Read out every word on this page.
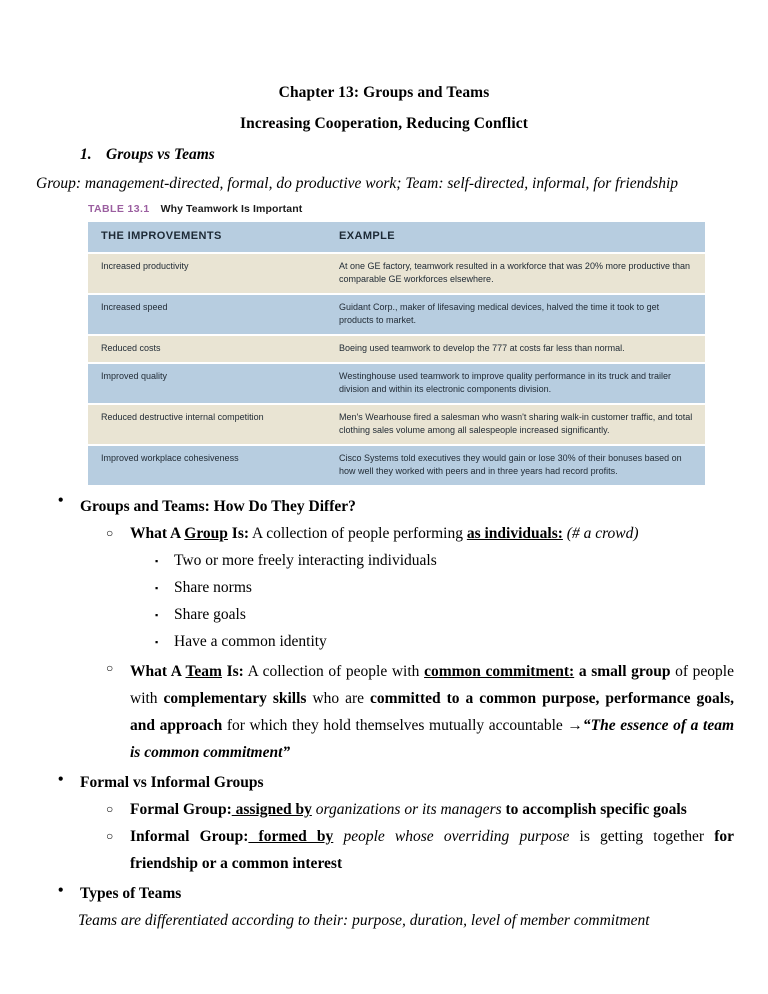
Chapter 13: Groups and Teams
Increasing Cooperation, Reducing Conflict

1. Groups vs Teams

Group: management-directed, formal, do productive work; Team: self-directed, informal, for friendship

TABLE 13.1 Why Teamwork Is Important
THE IMPROVEMENTS	EXAMPLE
Increased productivity	At one GE factory, teamwork resulted in a workforce that was 20% more productive than comparable GE workforces elsewhere.
Increased speed	Guidant Corp., maker of lifesaving medical devices, halved the time it took to get products to market.
Reduced costs	Boeing used teamwork to develop the 777 at costs far less than normal.
Improved quality	Westinghouse used teamwork to improve quality performance in its truck and trailer division and within its electronic components division.
Reduced destructive internal competition	Men's Wearhouse fired a salesman who wasn't sharing walk-in customer traffic, and total clothing sales volume among all salespeople increased significantly.
Improved workplace cohesiveness	Cisco Systems told executives they would gain or lose 30% of their bonuses based on how well they worked with peers and in three years had record profits.

• Groups and Teams: How Do They Differ?

○ What A Group Is: A collection of people performing as individuals: (# a crowd)

▪ Two or more freely interacting individuals

▪ Share norms

▪ Share goals

▪ Have a common identity

○ What A Team Is: A collection of people with common commitment: a small group of people with complementary skills who are committed to a common purpose, performance goals, and approach for which they hold themselves mutually accountable →“The essence of a team is common commitment”

• Formal vs Informal Groups

○ Formal Group: assigned by organizations or its managers to accomplish specific goals

○ Informal Group: formed by people whose overriding purpose is getting together for friendship or a common interest

• Types of Teams

Teams are differentiated according to their: purpose, duration, level of member commitment
